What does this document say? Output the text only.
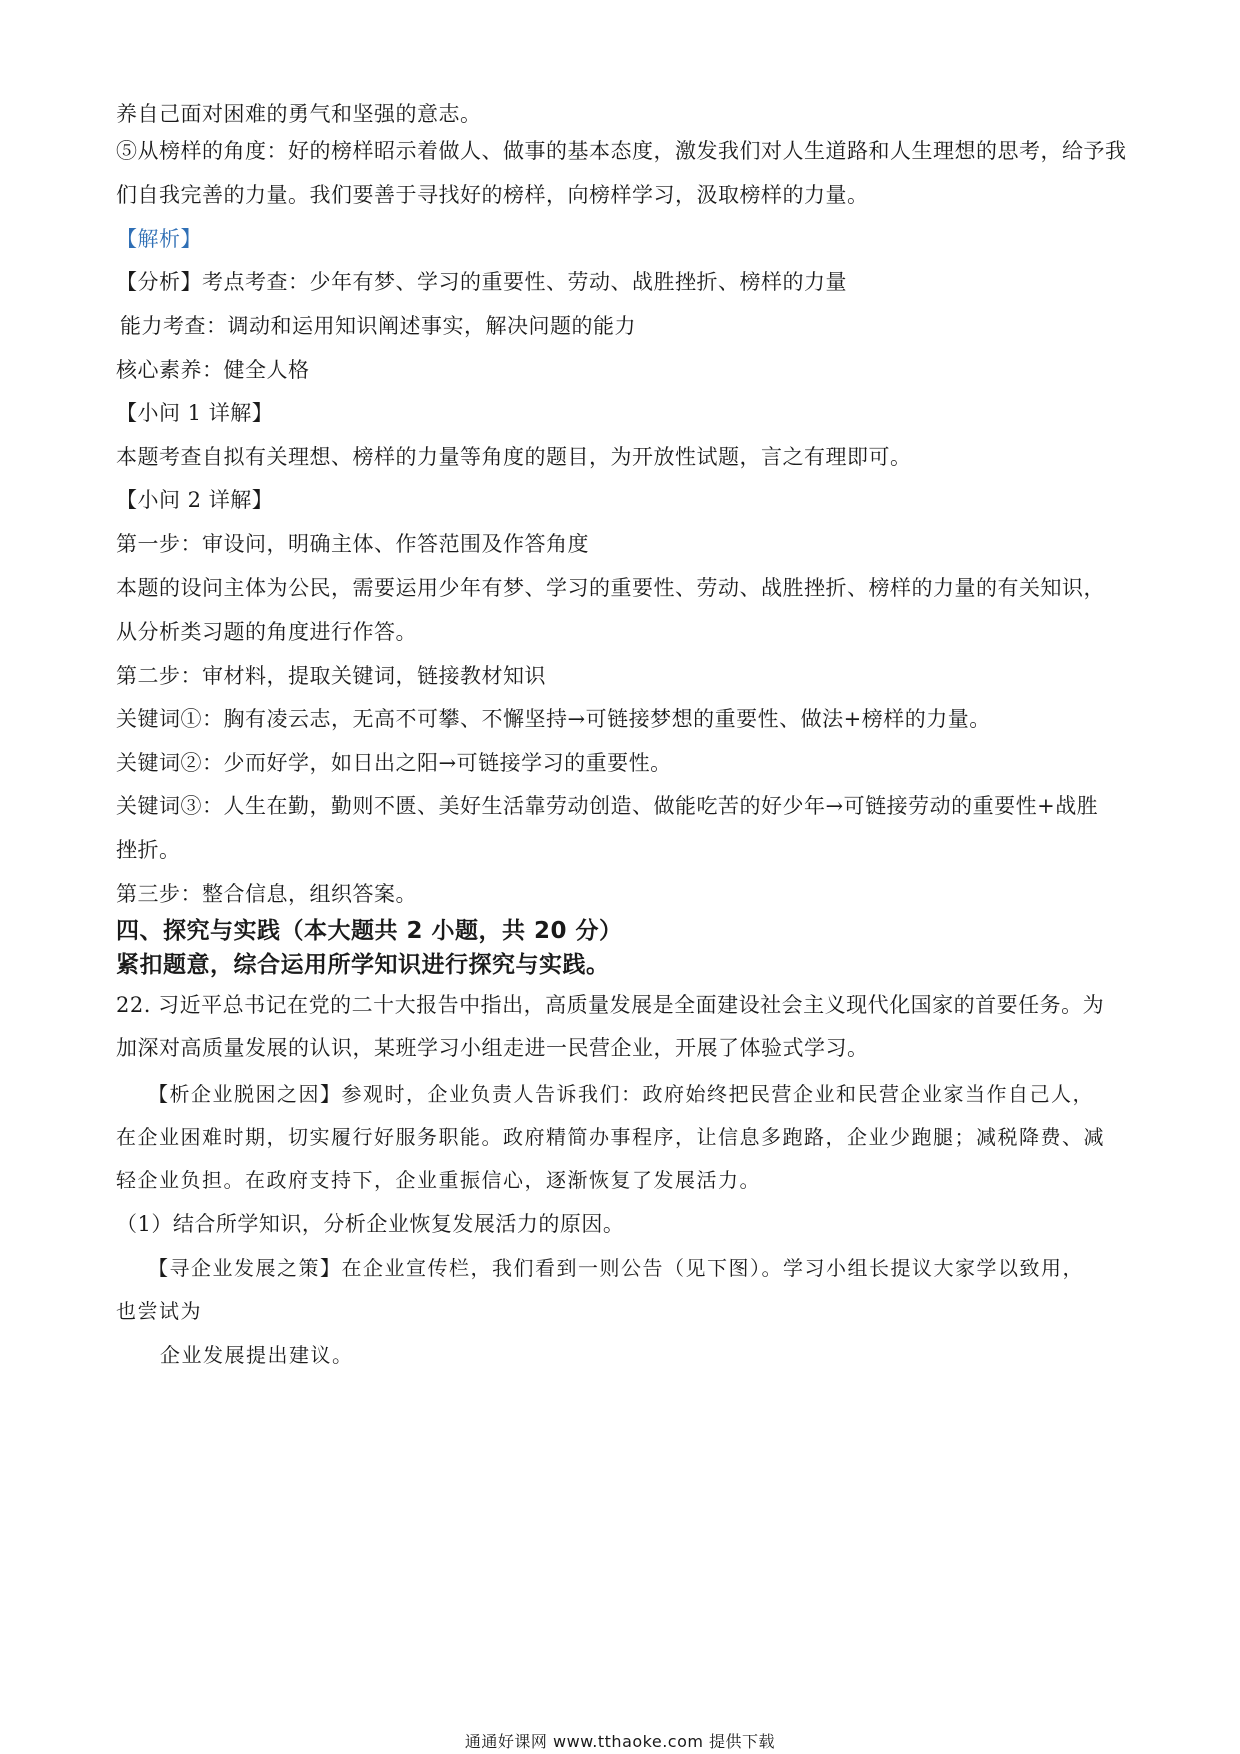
养自己面对困难的勇气和坚强的意志。
⑤从榜样的角度：好的榜样昭示着做人、做事的基本态度，激发我们对人生道路和人生理想的思考，给予我
们自我完善的力量。我们要善于寻找好的榜样，向榜样学习，汲取榜样的力量。
【解析】
【分析】考点考查：少年有梦、学习的重要性、劳动、战胜挫折、榜样的力量
能力考查：调动和运用知识阐述事实，解决问题的能力
核心素养：健全人格
【小问 1 详解】
本题考查自拟有关理想、榜样的力量等角度的题目，为开放性试题，言之有理即可。
【小问 2 详解】
第一步：审设问，明确主体、作答范围及作答角度
本题的设问主体为公民，需要运用少年有梦、学习的重要性、劳动、战胜挫折、榜样的力量的有关知识，
从分析类习题的角度进行作答。
第二步：审材料，提取关键词，链接教材知识
关键词①：胸有凌云志，无高不可攀、不懈坚持→可链接梦想的重要性、做法+榜样的力量。
关键词②：少而好学，如日出之阳→可链接学习的重要性。
关键词③：人生在勤，勤则不匮、美好生活靠劳动创造、做能吃苦的好少年→可链接劳动的重要性+战胜
挫折。
第三步：整合信息，组织答案。
四、探究与实践（本大题共 2 小题，共 20 分）
紧扣题意，综合运用所学知识进行探究与实践。
22. 习近平总书记在党的二十大报告中指出，高质量发展是全面建设社会主义现代化国家的首要任务。为
加深对高质量发展的认识，某班学习小组走进一民营企业，开展了体验式学习。
【析企业脱困之因】参观时，企业负责人告诉我们：政府始终把民营企业和民营企业家当作自己人，
在企业困难时期，切实履行好服务职能。政府精简办事程序，让信息多跑路，企业少跑腿；减税降费、减
轻企业负担。在政府支持下，企业重振信心，逐渐恢复了发展活力。
（1）结合所学知识，分析企业恢复发展活力的原因。
【寻企业发展之策】在企业宣传栏，我们看到一则公告（见下图）。学习小组长提议大家学以致用，
也尝试为
企业发展提出建议。
通通好课网 www.tthaoke.com 提供下载
